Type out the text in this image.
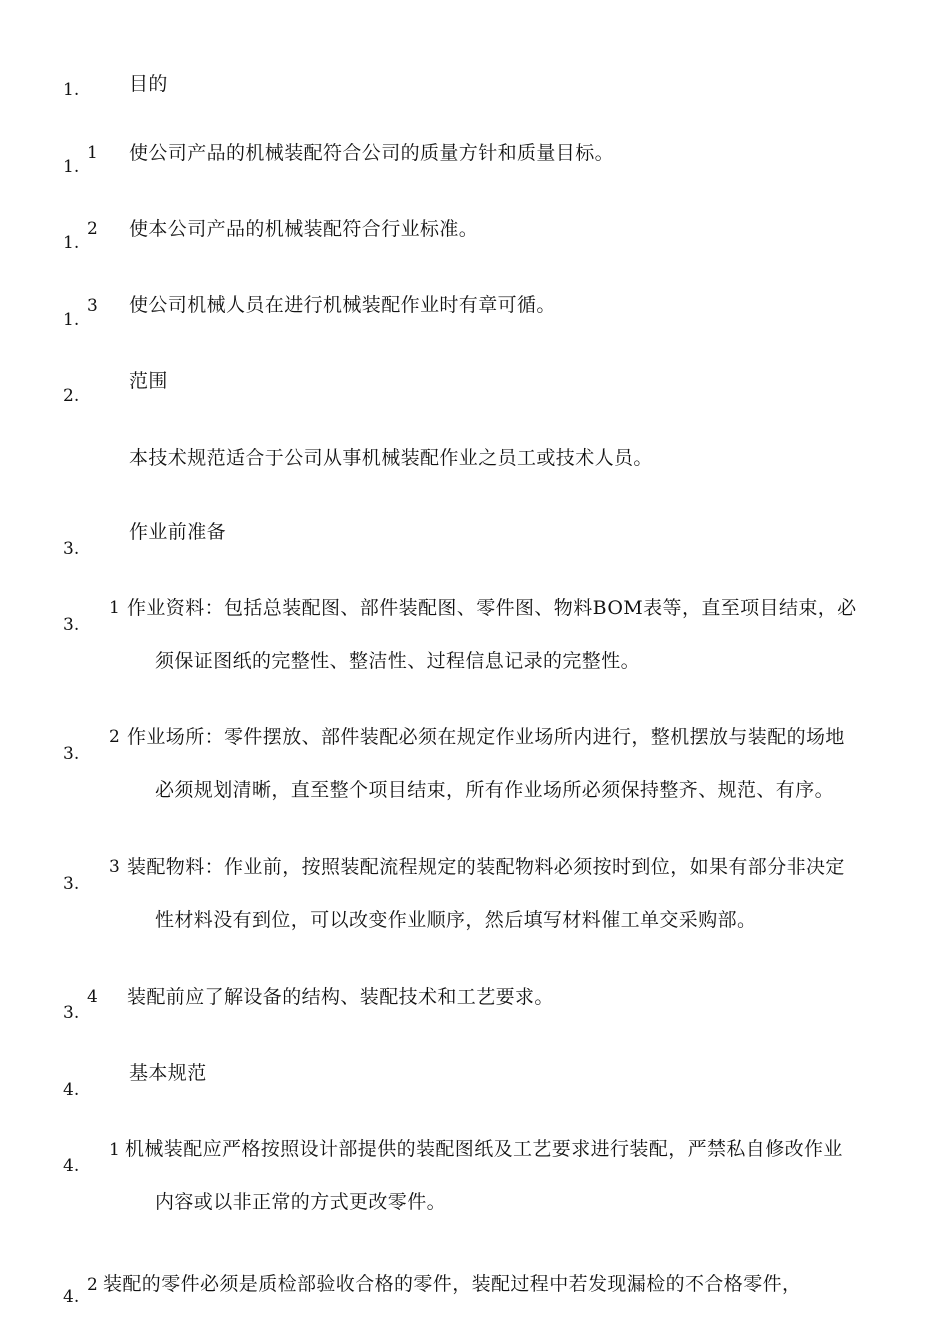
1.	目的
1.
1 使公司产品的机械装配符合公司的质量方针和质量目标。
1.
2 使本公司产品的机械装配符合行业标准。
1.
3 使公司机械人员在进行机械装配作业时有章可循。
2.
范围
本技术规范适合于公司从事机械装配作业之员工或技术人员。
3.
作业前准备
3.
1 作业资料：包括总装配图、部件装配图、零件图、物料BOM表等，直至项目结束，必
须保证图纸的完整性、整洁性、过程信息记录的完整性。
3.
2 作业场所：零件摆放、部件装配必须在规定作业场所内进行，整机摆放与装配的场地
必须规划清晰，直至整个项目结束，所有作业场所必须保持整齐、规范、有序。
3.
3 装配物料：作业前，按照装配流程规定的装配物料必须按时到位，如果有部分非决定
性材料没有到位，可以改变作业顺序，然后填写材料催工单交采购部。
3.
4 装配前应了解设备的结构、装配技术和工艺要求。
4.
基本规范
4.
1 机械装配应严格按照设计部提供的装配图纸及工艺要求进行装配，严禁私自修改作业
内容或以非正常的方式更改零件。
4.
2 装配的零件必须是质检部验收合格的零件，装配过程中若发现漏检的不合格零件，
